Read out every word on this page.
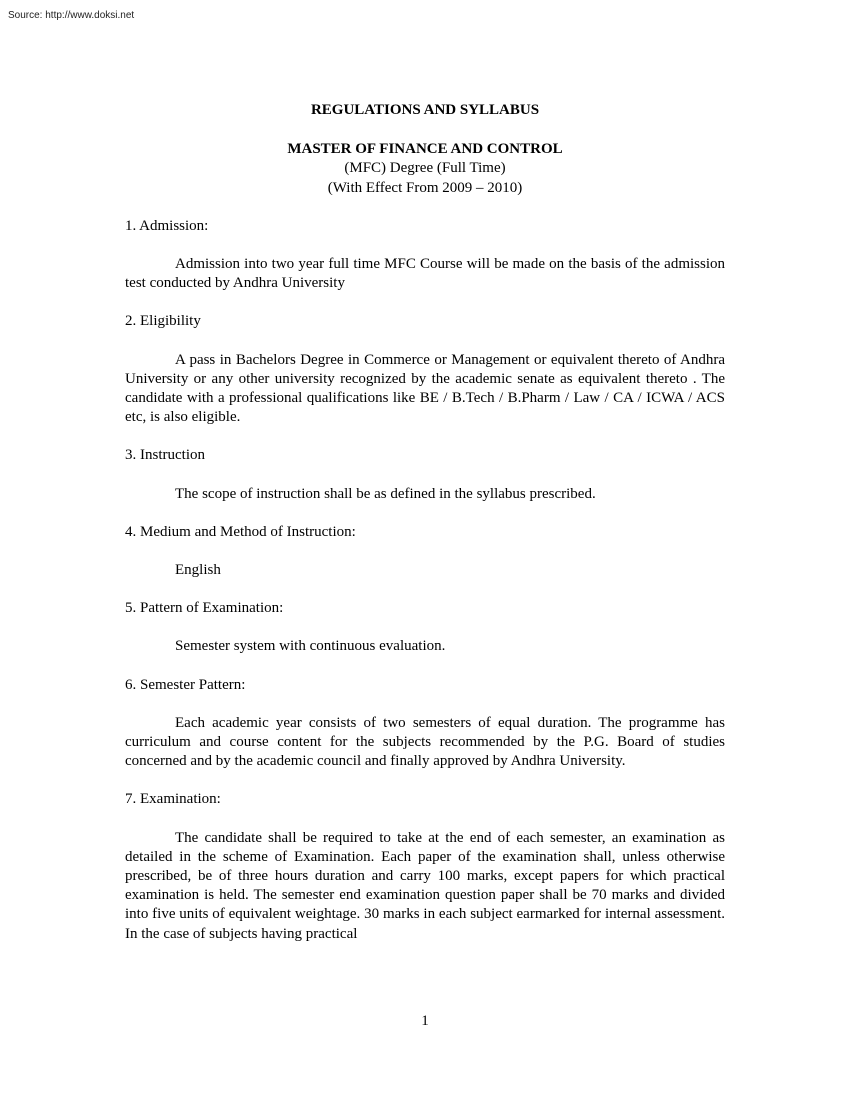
Source: http://www.doksi.net
REGULATIONS AND SYLLABUS
MASTER OF FINANCE AND CONTROL
(MFC) Degree (Full Time)
(With Effect From 2009 – 2010)
1. Admission:
Admission into two year full time MFC Course will be made on the basis of the admission test conducted by Andhra University
2. Eligibility
A pass in Bachelors Degree in Commerce or Management or equivalent thereto of Andhra University or any other university recognized by the academic senate as equivalent thereto . The candidate with a professional qualifications like BE / B.Tech / B.Pharm / Law / CA / ICWA / ACS etc, is also eligible.
3. Instruction
The scope of instruction shall be as defined in the syllabus prescribed.
4. Medium and Method of Instruction:
English
5. Pattern of Examination:
Semester system with continuous evaluation.
6. Semester Pattern:
Each academic year consists of two semesters of equal duration. The programme has curriculum and course content for the subjects recommended by the P.G. Board of studies concerned and by the academic council and finally approved by Andhra University.
7. Examination:
The candidate shall be required to take at the end of each semester, an examination as detailed in the scheme of Examination. Each paper of the examination shall, unless otherwise prescribed, be of three hours duration and carry 100 marks, except papers for which practical examination is held. The semester end examination question paper shall be 70 marks and divided into five units of equivalent weightage. 30 marks in each subject earmarked for internal assessment. In the case of subjects having practical
1
